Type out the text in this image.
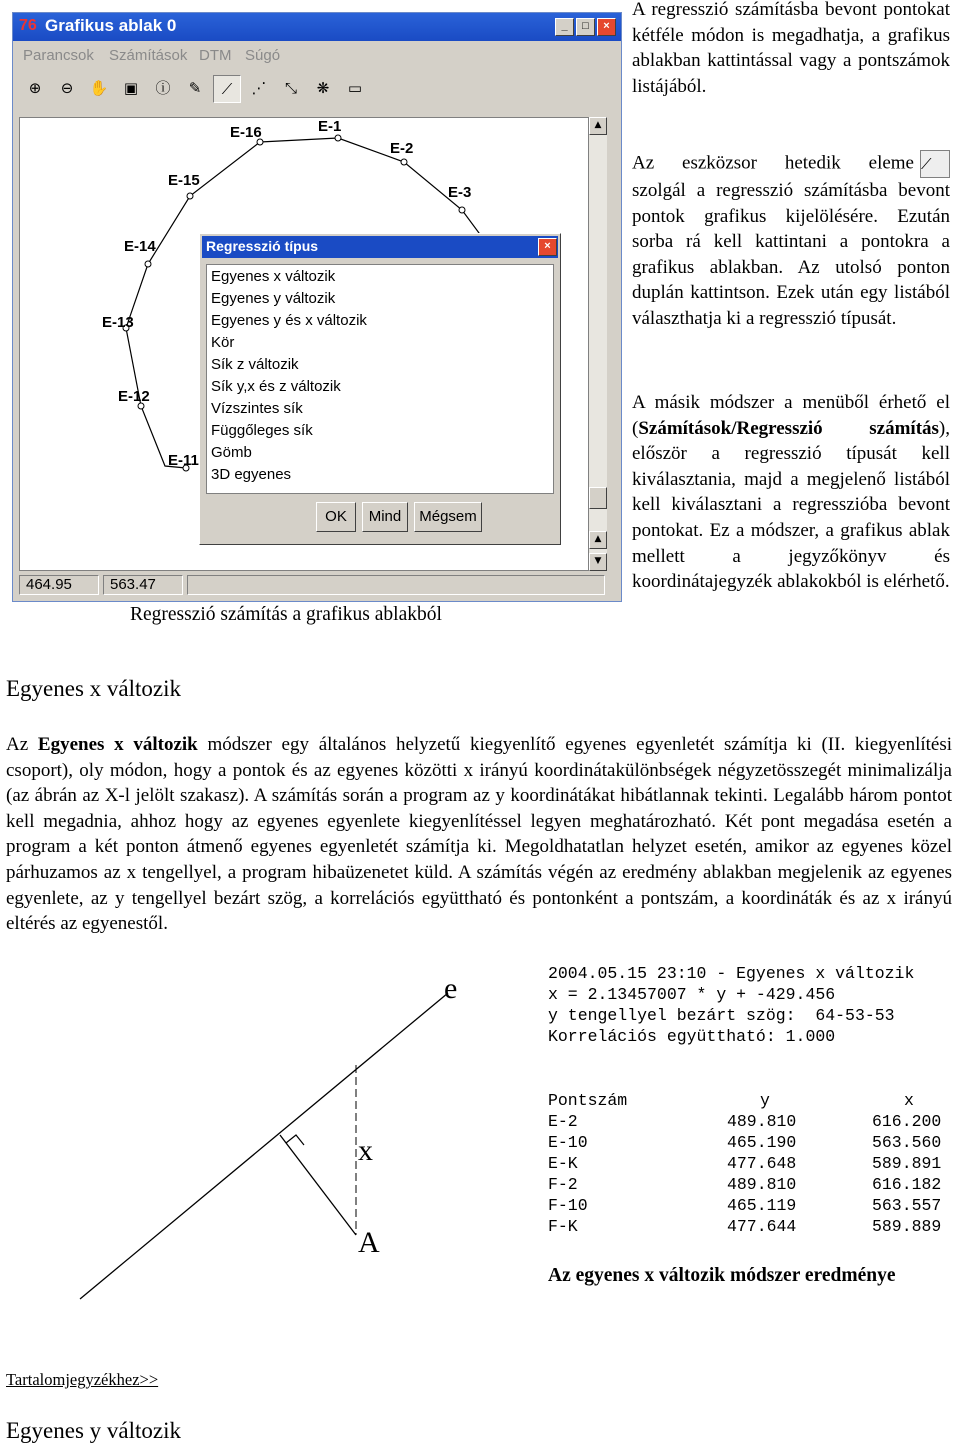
76 Grafikus ablak 0	_	□	×
Parancsok Számítások DTM Súgó
⊕	⊖	✋	▣	ⓘ	✎	⟋	⋰	⤡	❋	▭
E-16	E-1
E-2
E-15
E-3
E-14
E-13
E-12
E-11
▲
▲
▼
464.95	563.47
Regresszió típus	×
Egyenes x változik
Egyenes y változik
Egyenes y és x változik
Kör
Sík z változik
Sík y,x és z változik
Vízszintes sík
Függőleges sík
Gömb
3D egyenes
OK	Mind	Mégsem
Regresszió számítás a grafikus ablakból
A regresszió számításba bevont pontokat kétféle módon is megadhatja, a grafikus ablakban kattintással vagy a pontszámok listájából.
Az eszközsor hetedik eleme ⟋
szolgál a regresszió számításba bevont pontok grafikus kijelölésére. Ezután sorba rá kell kattintani a pontokra a grafikus ablakban. Az utolsó ponton duplán kattintson. Ezek után egy listából választhatja ki a regresszió típusát.
A másik módszer a menüből érhető el (Számítások/Regresszió számítás), először a regresszió típusát kell kiválasztania, majd a megjelenő listából kell kiválasztani a regresszióba bevont pontokat. Ez a módszer, a grafikus ablak mellett a jegyzőkönyv és koordinátajegyzék ablakokból is elérhető.
Egyenes x változik
Az Egyenes x változik módszer egy általános helyzetű kiegyenlítő egyenes egyenletét számítja ki (II. kiegyenlítési csoport), oly módon, hogy a pontok és az egyenes közötti x irányú koordinátakülönbségek négyzetösszegét minimalizálja (az ábrán az X-l jelölt szakasz). A számítás során a program az y koordinátákat hibátlannak tekinti. Legalább három pontot kell megadnia, ahhoz hogy az egyenes egyenlete kiegyenlítéssel legyen meghatározható. Két pont megadása esetén a program a két ponton átmenő egyenes egyenletét számítja ki. Megoldhatatlan helyzet esetén, amikor az egyenes közel párhuzamos az x tengellyel, a program hibaüzenetet küld. A számítás végén az eredmény ablakban megjelenik az egyenes egyenlete, az y tengellyel bezárt szög, a korrelációs együttható és pontonként a pontszám, a koordináták és az x irányú eltérés az egyenestől.
e
x
A
2004.05.15 23:10 - Egyenes x változik
x = 2.13457007 * y + -429.456
y tengellyel bezárt szög:  64-53-53
Korrelációs együttható: 1.000
Pontszám	y	x
E-2	489.810	616.200
E-10	465.190	563.560
E-K	477.648	589.891
F-2	489.810	616.182
F-10	465.119	563.557
F-K	477.644	589.889
Az egyenes x változik módszer eredménye
Tartalomjegyzékhez>>
Egyenes y változik
